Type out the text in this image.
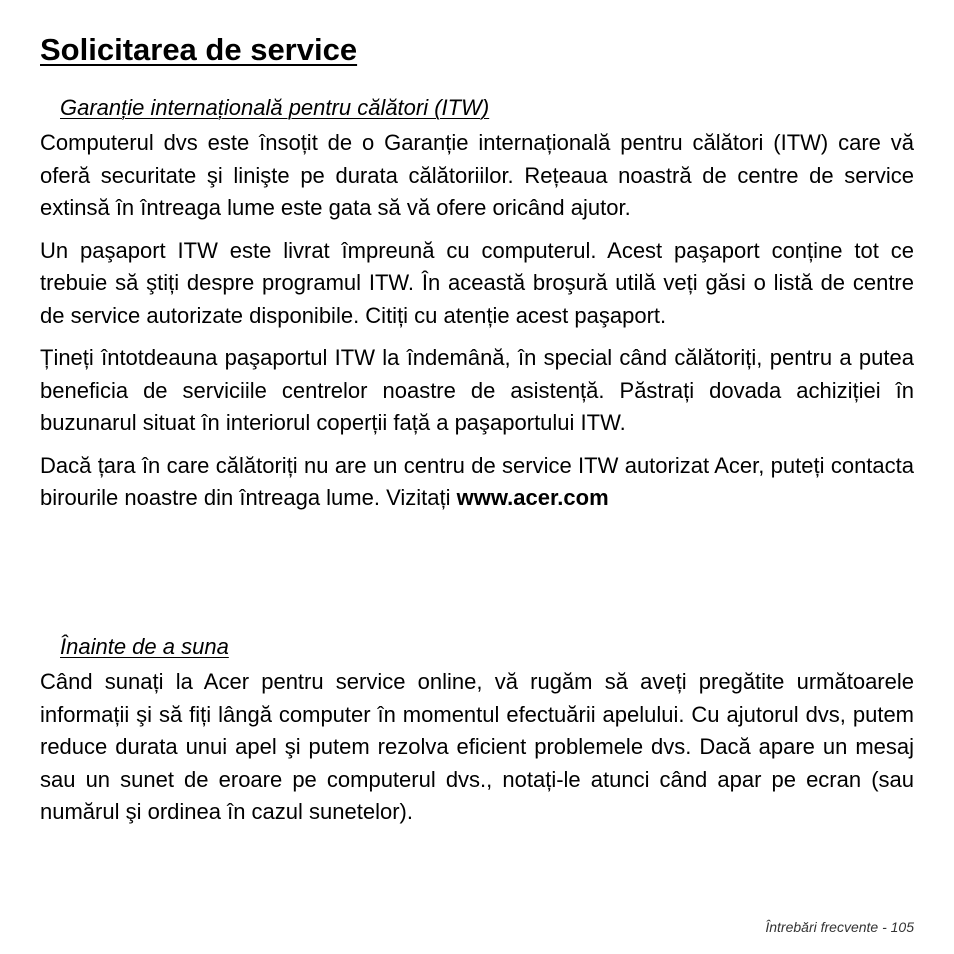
Solicitarea de service
Garanție internațională pentru călători (ITW)

Computerul dvs este însoțit de o Garanție internațională pentru călători (ITW) care vă oferă securitate şi linişte pe durata călătoriilor. Rețeaua noastră de centre de service extinsă în întreaga lume este gata să vă ofere oricând ajutor.

Un paşaport ITW este livrat împreună cu computerul. Acest paşaport conține tot ce trebuie să ştiți despre programul ITW. În această broşură utilă veți găsi o listă de centre de service autorizate disponibile. Citiți cu atenție acest paşaport.

Țineți întotdeauna paşaportul ITW la îndemână, în special când călătoriți, pentru a putea beneficia de serviciile centrelor noastre de asistență. Păstrați dovada achiziției în buzunarul situat în interiorul coperții față a paşaportului ITW.

Dacă țara în care călătoriți nu are un centru de service ITW autorizat Acer, puteți contacta birourile noastre din întreaga lume. Vizitați www.acer.com

Înainte de a suna

Când sunați la Acer pentru service online, vă rugăm să aveți pregătite următoarele informații şi să fiți lângă computer în momentul efectuării apelului. Cu ajutorul dvs, putem reduce durata unui apel şi putem rezolva eficient problemele dvs. Dacă apare un mesaj sau un sunet de eroare pe computerul dvs., notați-le atunci când apar pe ecran (sau numărul şi ordinea în cazul sunetelor).

Întrebări frecvente - 105
